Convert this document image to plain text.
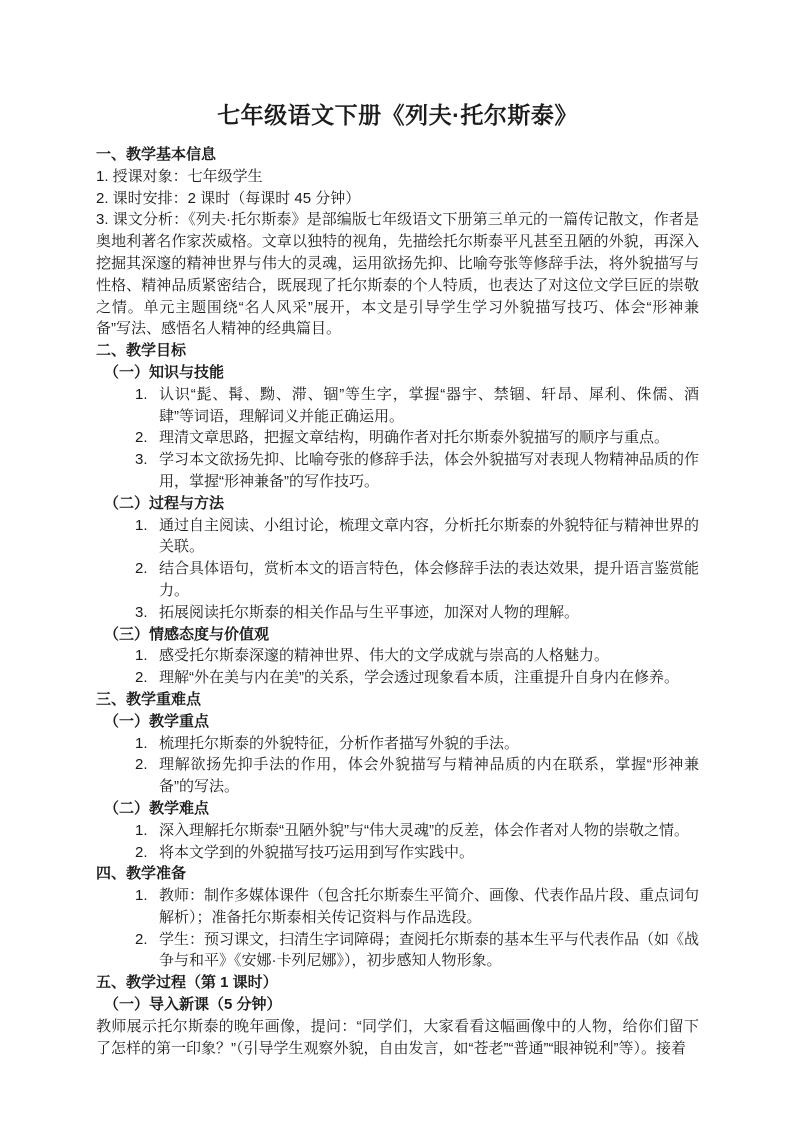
七年级语文下册《列夫·托尔斯泰》
一、教学基本信息
1. 授课对象：七年级学生
2. 课时安排：2 课时（每课时 45 分钟）
3. 课文分析：《列夫·托尔斯泰》是部编版七年级语文下册第三单元的一篇传记散文，作者是奥地利著名作家茨威格。文章以独特的视角，先描绘托尔斯泰平凡甚至丑陋的外貌，再深入挖掘其深邃的精神世界与伟大的灵魂，运用欲扬先抑、比喻夸张等修辞手法，将外貌描写与性格、精神品质紧密结合，既展现了托尔斯泰的个人特质，也表达了对这位文学巨匠的崇敬之情。单元主题围绕“名人风采”展开，本文是引导学生学习外貌描写技巧、体会“形神兼备”写法、感悟名人精神的经典篇目。
二、教学目标
（一）知识与技能
1. 认识“髭、髯、黝、滞、锢”等生字，掌握“器宇、禁锢、轩昂、犀利、侏儒、酒肆”等词语，理解词义并能正确运用。
2. 理清文章思路，把握文章结构，明确作者对托尔斯泰外貌描写的顺序与重点。
3. 学习本文欲扬先抑、比喻夸张的修辞手法，体会外貌描写对表现人物精神品质的作用，掌握“形神兼备”的写作技巧。
（二）过程与方法
1. 通过自主阅读、小组讨论，梳理文章内容，分析托尔斯泰的外貌特征与精神世界的关联。
2. 结合具体语句，赏析本文的语言特色，体会修辞手法的表达效果，提升语言鉴赏能力。
3. 拓展阅读托尔斯泰的相关作品与生平事迹，加深对人物的理解。
（三）情感态度与价值观
1. 感受托尔斯泰深邃的精神世界、伟大的文学成就与崇高的人格魅力。
2. 理解“外在美与内在美”的关系，学会透过现象看本质，注重提升自身内在修养。
三、教学重难点
（一）教学重点
1. 梳理托尔斯泰的外貌特征，分析作者描写外貌的手法。
2. 理解欲扬先抑手法的作用，体会外貌描写与精神品质的内在联系，掌握“形神兼备”的写法。
（二）教学难点
1. 深入理解托尔斯泰“丑陋外貌”与“伟大灵魂”的反差，体会作者对人物的崇敬之情。
2. 将本文学到的外貌描写技巧运用到写作实践中。
四、教学准备
1. 教师：制作多媒体课件（包含托尔斯泰生平简介、画像、代表作品片段、重点词句解析）；准备托尔斯泰相关传记资料与作品选段。
2. 学生：预习课文，扫清生字词障碍；查阅托尔斯泰的基本生平与代表作品（如《战争与和平》《安娜·卡列尼娜》），初步感知人物形象。
五、教学过程（第 1 课时）
（一）导入新课（5 分钟）
教师展示托尔斯泰的晚年画像，提问：“同学们，大家看看这幅画像中的人物，给你们留下了怎样的第一印象？”（引导学生观察外貌，自由发言，如“苍老”“普通”“眼神锐利”等）。接着
